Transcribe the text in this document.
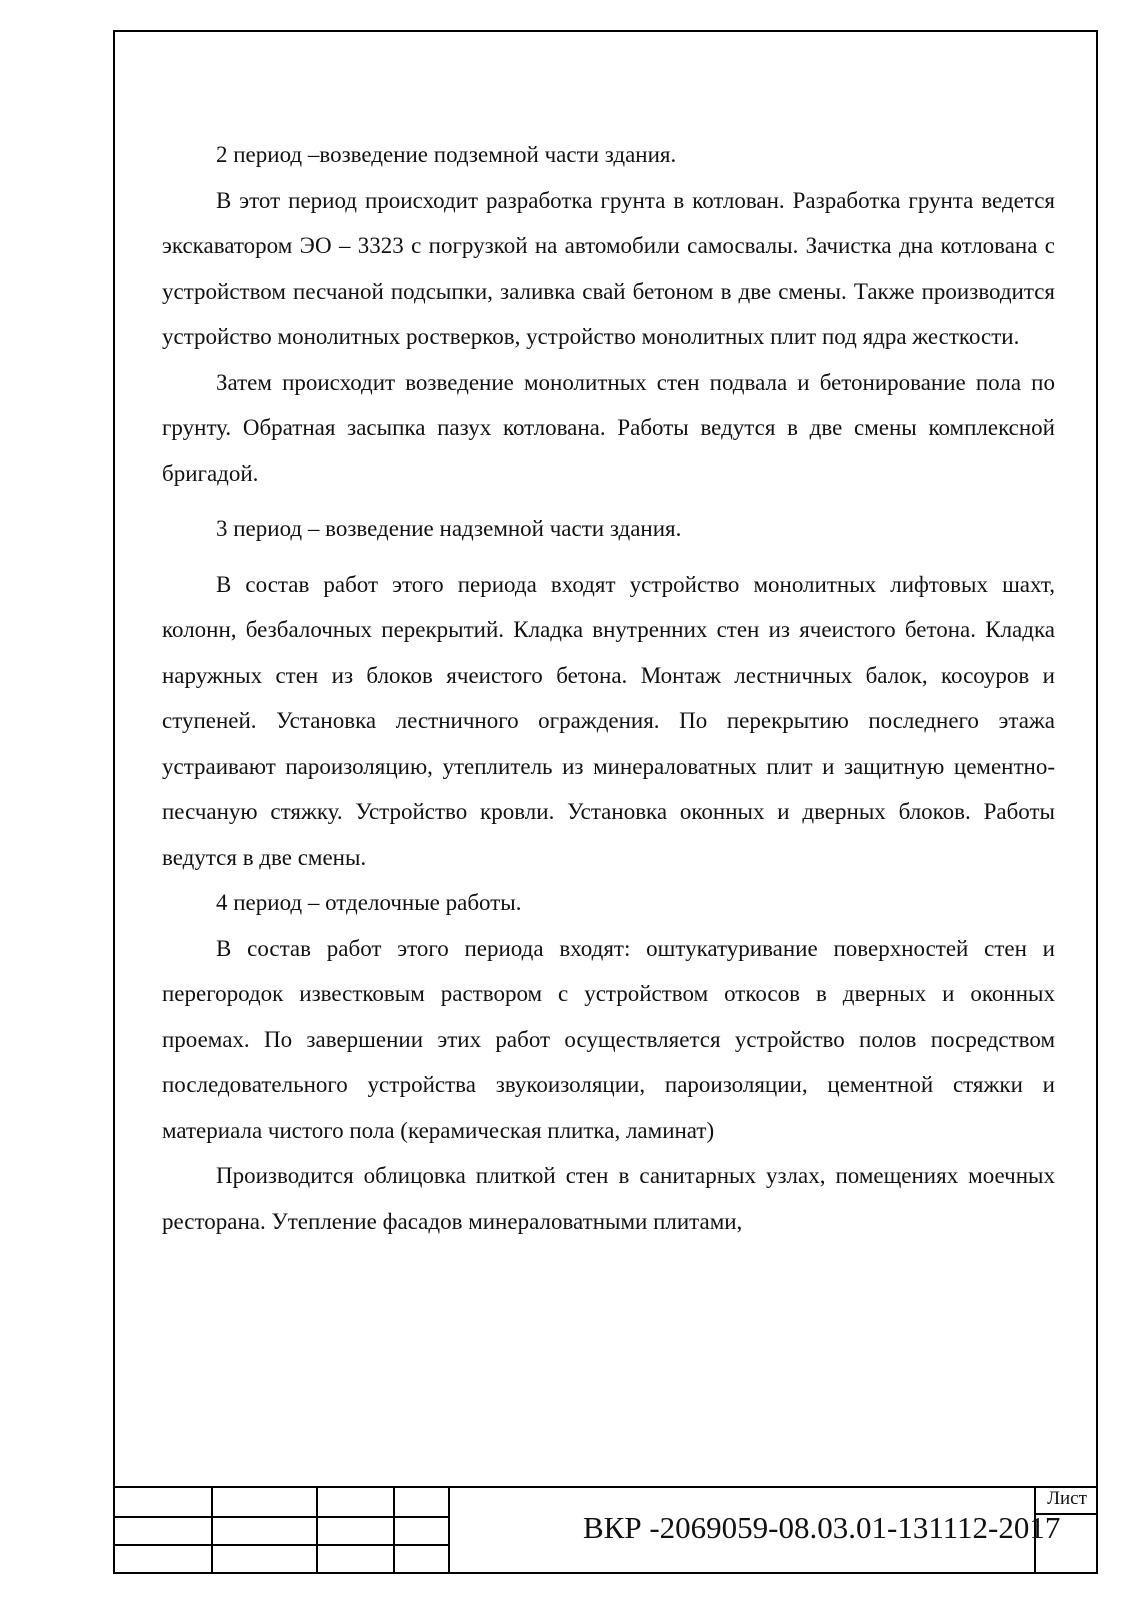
2 период –возведение подземной части здания.

В этот период происходит разработка грунта в котлован. Разработка грунта ведется экскаватором ЭО – 3323 с погрузкой на автомобили самосвалы. Зачистка дна котлована с устройством песчаной подсыпки, заливка свай бетоном в две смены. Также производится устройство монолитных ростверков, устройство монолитных плит под ядра жесткости.

Затем происходит возведение монолитных стен подвала и бетонирование пола по грунту. Обратная засыпка пазух котлована. Работы ведутся в две смены комплексной бригадой.

3 период – возведение надземной части здания.

В состав работ этого периода входят устройство монолитных лифтовых шахт, колонн, безбалочных перекрытий. Кладка внутренних стен из ячеистого бетона. Кладка наружных стен из блоков ячеистого бетона. Монтаж лестничных балок, косоуров и ступеней. Установка лестничного ограждения. По перекрытию последнего этажа устраивают пароизоляцию, утеплитель из минераловатных плит и защитную цементно-песчаную стяжку. Устройство кровли. Установка оконных и дверных блоков. Работы ведутся в две смены.

4 период – отделочные работы.

В состав работ этого периода входят: оштукатуривание поверхностей стен и перегородок известковым раствором с устройством откосов в дверных и оконных проемах. По завершении этих работ осуществляется устройство полов посредством последовательного устройства звукоизоляции, пароизоляции, цементной стяжки и материала чистого пола (керамическая плитка, ламинат)

Производится облицовка плиткой стен в санитарных узлах, помещениях моечных ресторана. Утепление фасадов минераловатными плитами,

ВКР -2069059-08.03.01-131112-2017
Лист
